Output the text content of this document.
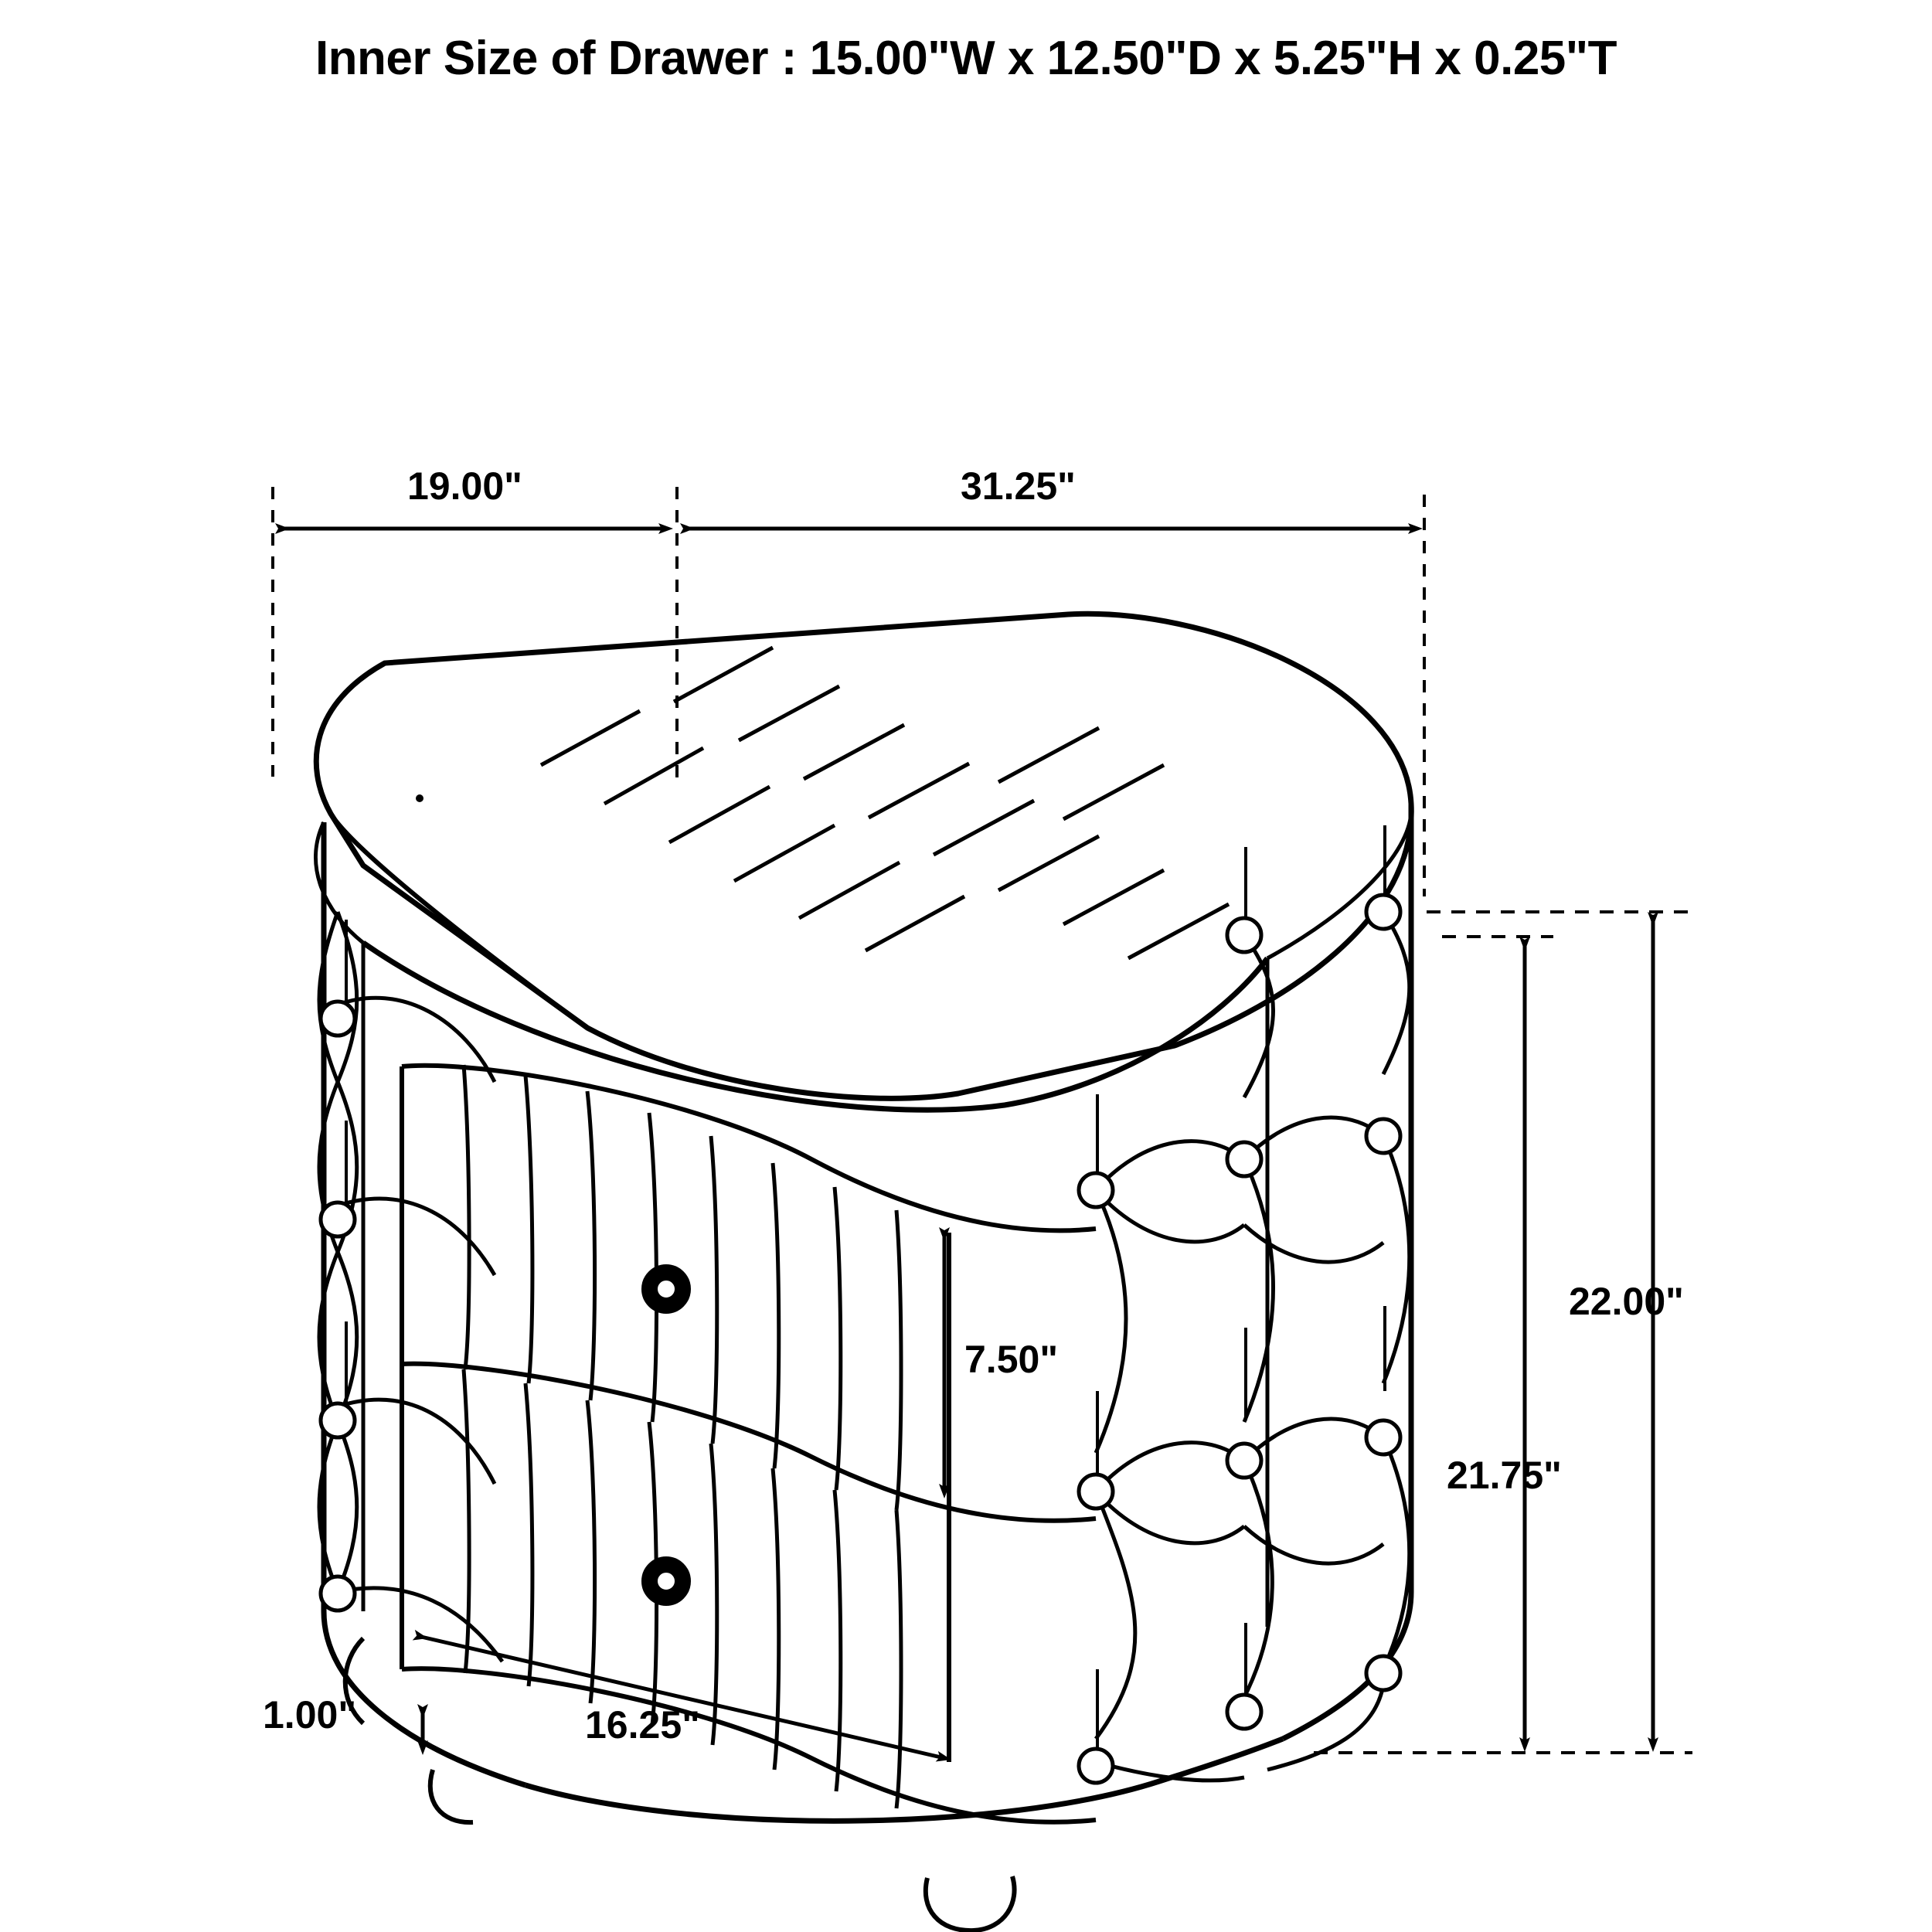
Inner Size of Drawer : 15.00"W x 12.50"D x 5.25"H x 0.25"T
19.00"	31.25"
7.50"
16.25"
1.00"
22.00"
21.75"
